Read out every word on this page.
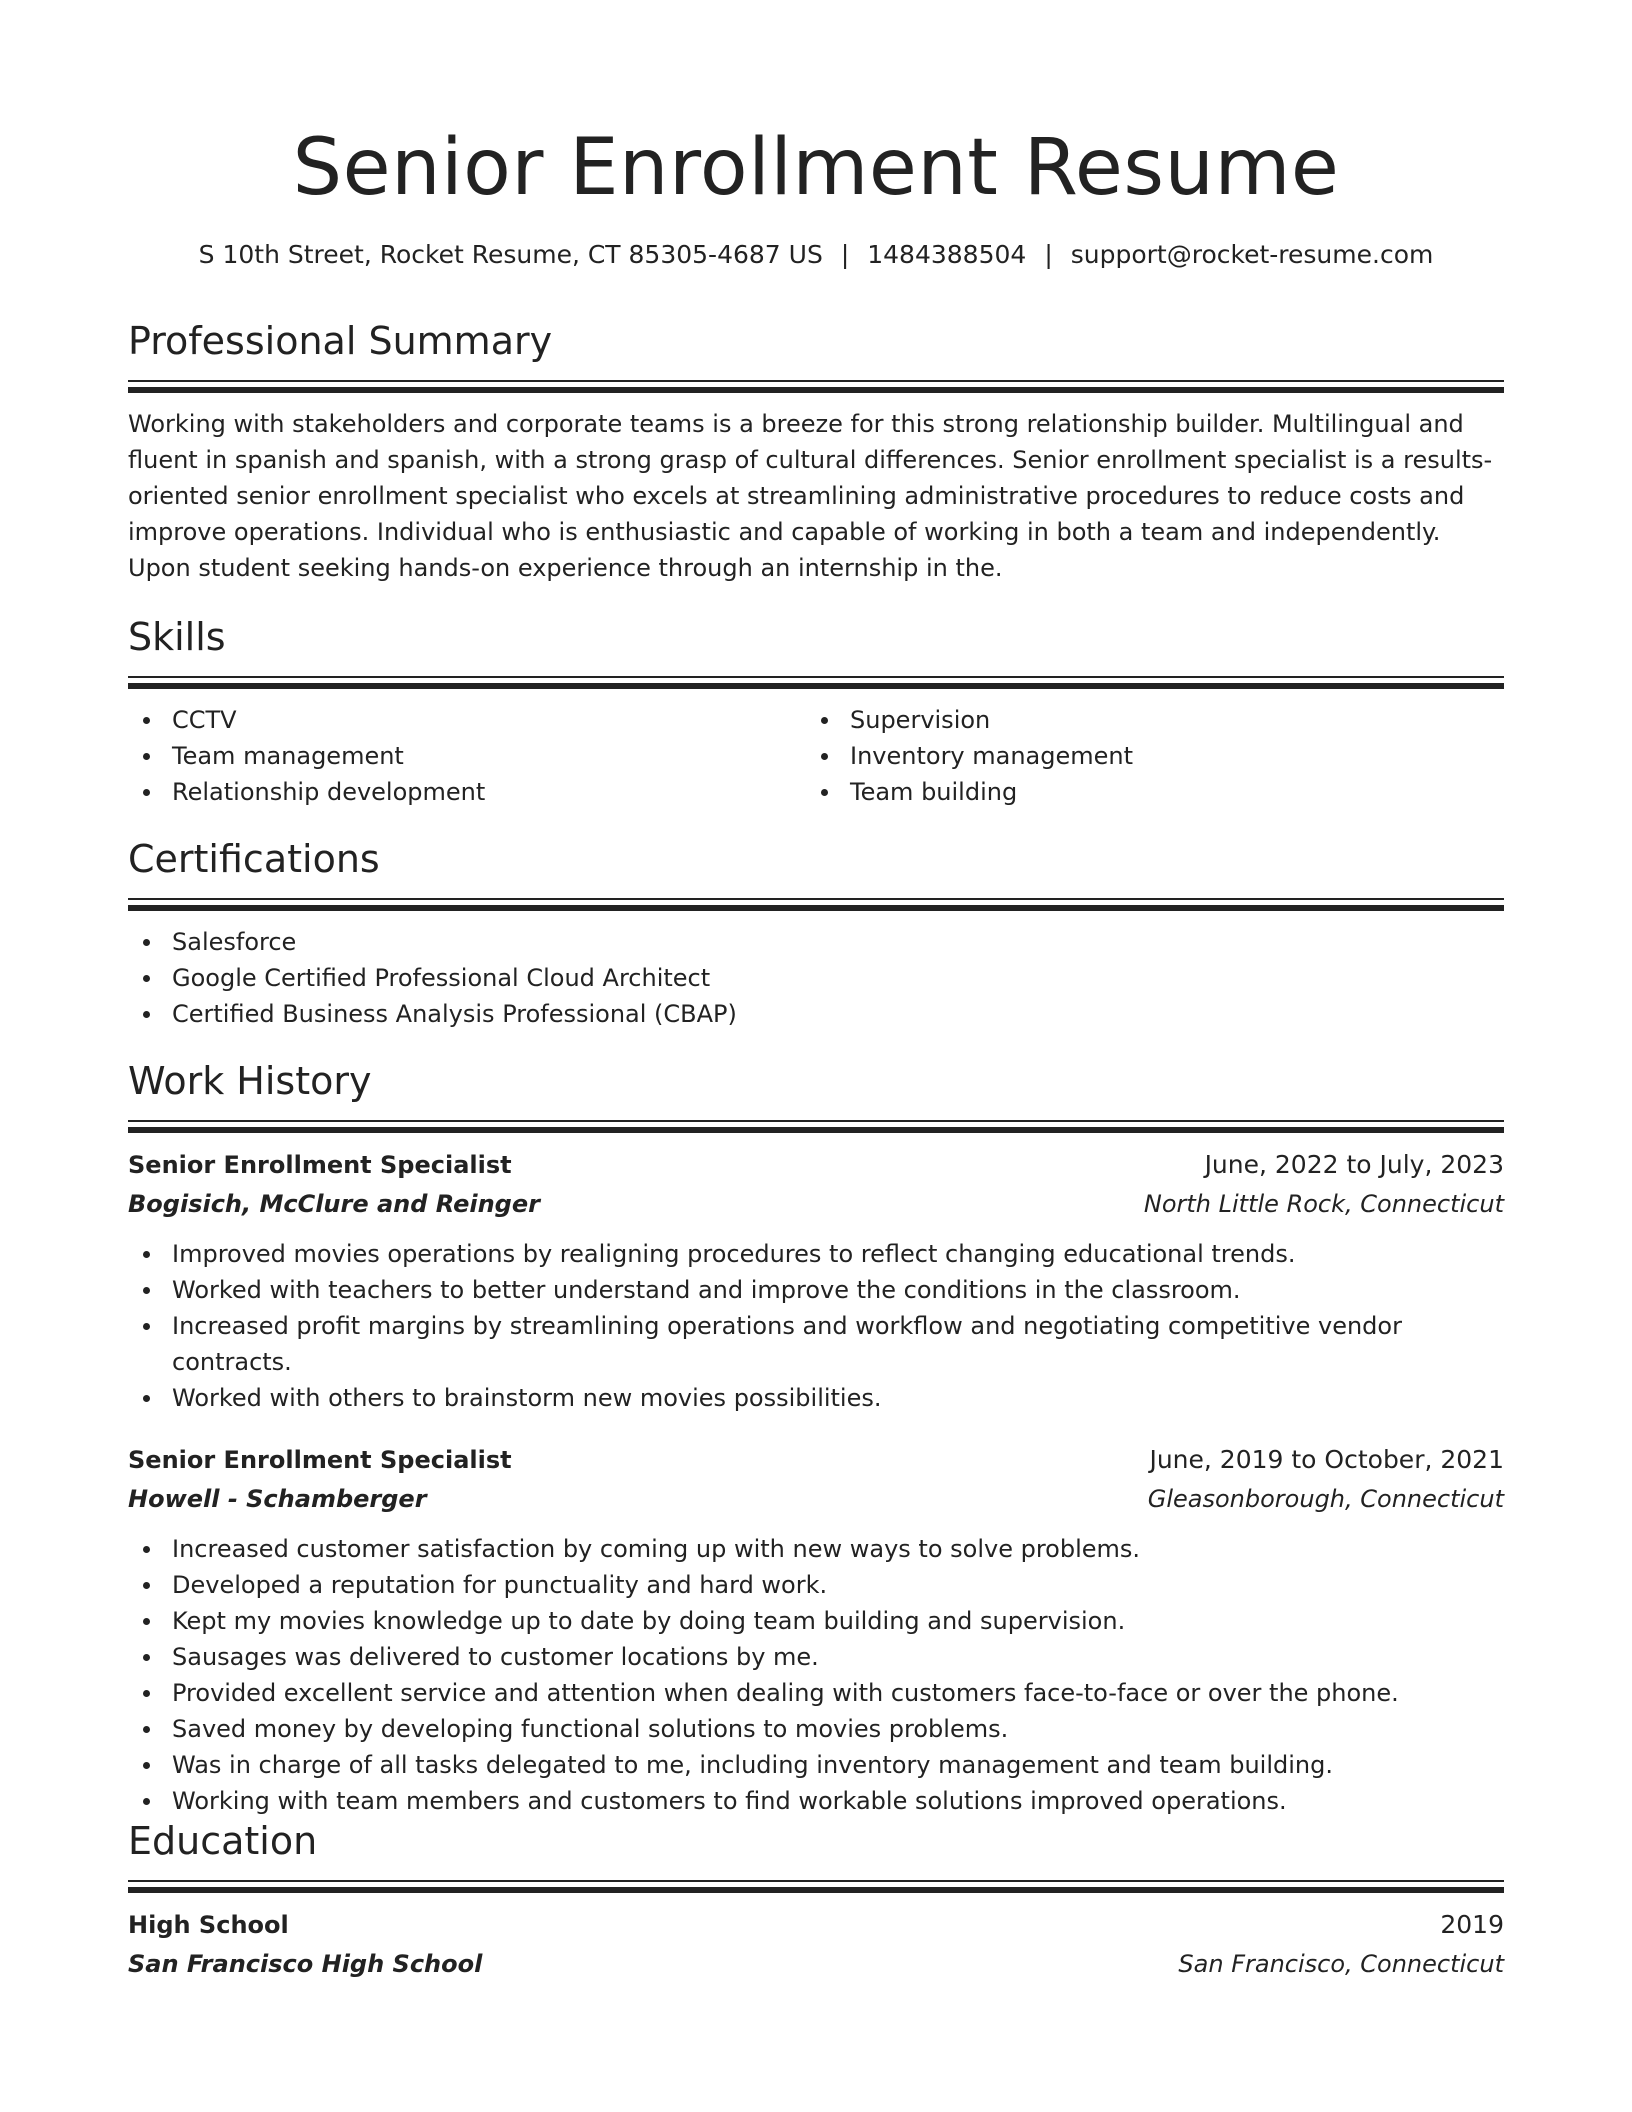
Senior Enrollment Resume
S 10th Street, Rocket Resume, CT 85305-4687 US | 1484388504 | support@rocket-resume.com
Professional Summary

Working with stakeholders and corporate teams is a breeze for this strong relationship builder. Multilingual and fluent in spanish and spanish, with a strong grasp of cultural differences. Senior enrollment specialist is a results-oriented senior enrollment specialist who excels at streamlining administrative procedures to reduce costs and improve operations. Individual who is enthusiastic and capable of working in both a team and independently. Upon student seeking hands-on experience through an internship in the.

Skills
CCTV
Team management
Relationship development
Supervision
Inventory management
Team building
Certifications
Salesforce
Google Certified Professional Cloud Architect
Certified Business Analysis Professional (CBAP)
Work History
Senior Enrollment Specialist	June, 2022 to July, 2023
Bogisich, McClure and Reinger	North Little Rock, Connecticut
Improved movies operations by realigning procedures to reflect changing educational trends.
Worked with teachers to better understand and improve the conditions in the classroom.
Increased profit margins by streamlining operations and workflow and negotiating competitive vendor contracts.
Worked with others to brainstorm new movies possibilities.
Senior Enrollment Specialist	June, 2019 to October, 2021
Howell - Schamberger	Gleasonborough, Connecticut
Increased customer satisfaction by coming up with new ways to solve problems.
Developed a reputation for punctuality and hard work.
Kept my movies knowledge up to date by doing team building and supervision.
Sausages was delivered to customer locations by me.
Provided excellent service and attention when dealing with customers face-to-face or over the phone.
Saved money by developing functional solutions to movies problems.
Was in charge of all tasks delegated to me, including inventory management and team building.
Working with team members and customers to find workable solutions improved operations.
Education
High School	2019
San Francisco High School	San Francisco, Connecticut
